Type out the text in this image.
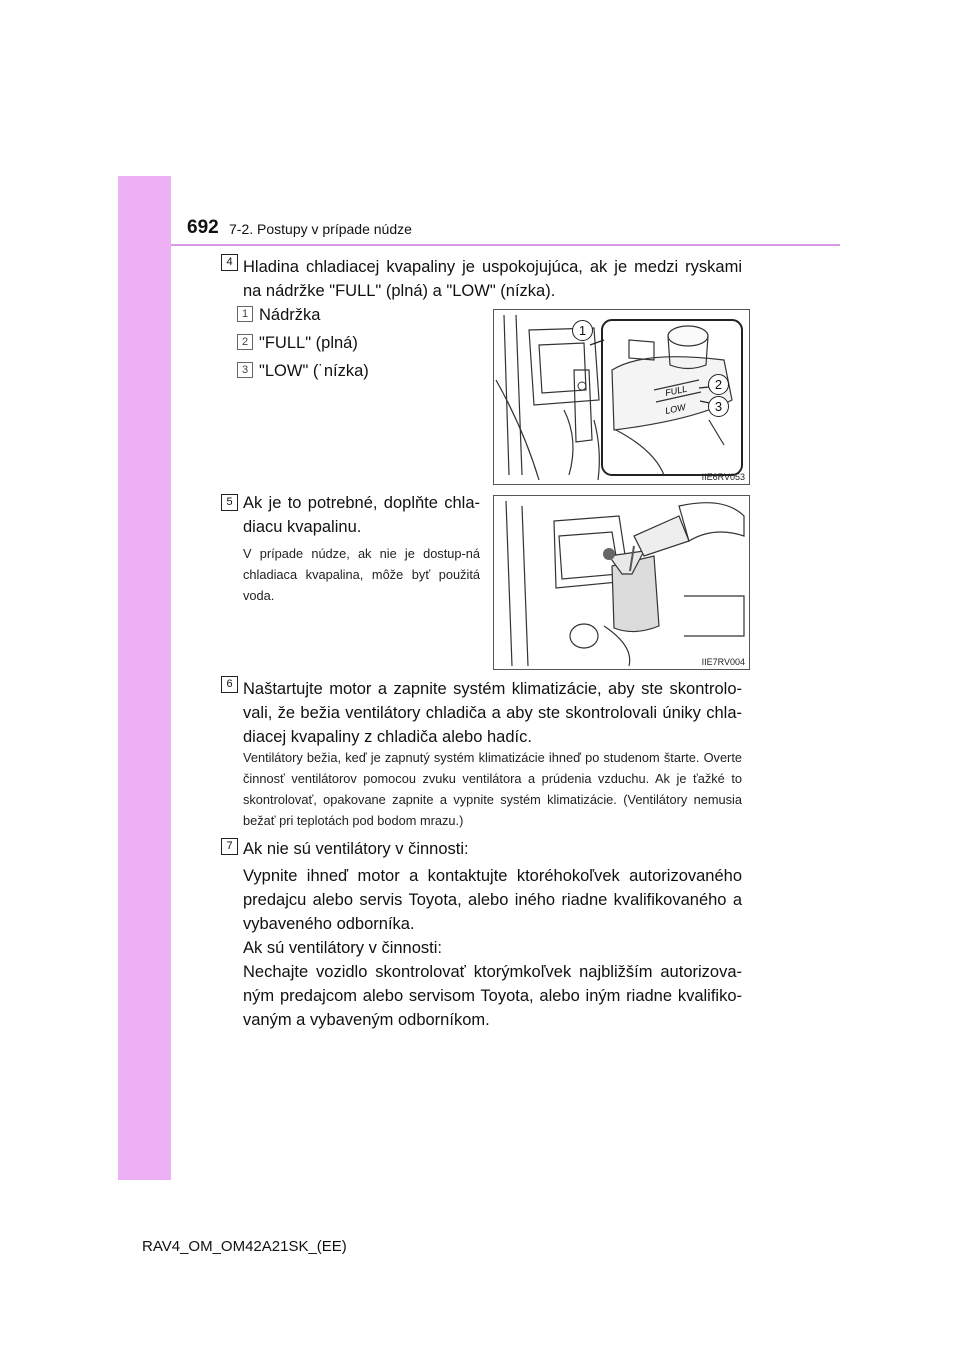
692 7-2. Postupy v prípade núdze
4 Hladina chladiacej kvapaliny je uspokojujúca, ak je medzi ryskami na nádržke "FULL" (plná) a "LOW" (nízka).
1 Nádržka
2 "FULL" (plná)
3 "LOW" (˙nízka)
FULL
LOW
1
2
3
IIE6RV053
5 Ak je to potrebné, doplňte chla-diacu kvapalinu.
V prípade núdze, ak nie je dostup-ná chladiaca kvapalina, môže byť použitá voda.
IIE7RV004
6 Naštartujte motor a zapnite systém klimatizácie, aby ste skontrolo-vali, že bežia ventilátory chladiča a aby ste skontrolovali úniky chla-diacej kvapaliny z chladiča alebo hadíc.
Ventilátory bežia, keď je zapnutý systém klimatizácie ihneď po studenom štarte. Overte činnosť ventilátorov pomocou zvuku ventilátora a prúdenia vzduchu. Ak je ťažké to skontrolovať, opakovane zapnite a vypnite systém klimatizácie. (Ventilátory nemusia bežať pri teplotách pod bodom mrazu.)
7 Ak nie sú ventilátory v činnosti:
Vypnite ihneď motor a kontaktujte ktoréhokoľvek autorizovaného predajcu alebo servis Toyota, alebo iného riadne kvalifikovaného a vybaveného odborníka.
Ak sú ventilátory v činnosti:
Nechajte vozidlo skontrolovať ktorýmkoľvek najbližším autorizova-ným predajcom alebo servisom Toyota, alebo iným riadne kvalifiko-vaným a vybaveným odborníkom.
RAV4_OM_OM42A21SK_(EE)
